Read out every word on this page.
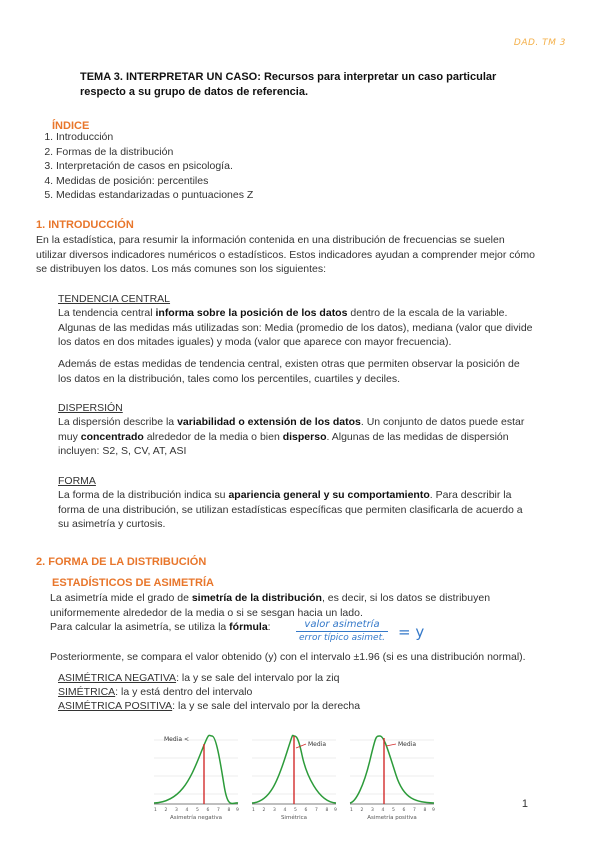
DAD. TM 3
TEMA 3. INTERPRETAR UN CASO: Recursos para interpretar un caso particular respecto a su grupo de datos de referencia.
ÍNDICE
1. Introducción
2. Formas de la distribución
3. Interpretación de casos en psicología.
4. Medidas de posición: percentiles
5. Medidas estandarizadas o puntuaciones Z
1. INTRODUCCIÓN
En la estadística, para resumir la información contenida en una distribución de frecuencias se suelen utilizar diversos indicadores numéricos o estadísticos. Estos indicadores ayudan a comprender mejor cómo se distribuyen los datos. Los más comunes son los siguientes:
TENDENCIA CENTRAL
La tendencia central informa sobre la posición de los datos dentro de la escala de la variable. Algunas de las medidas más utilizadas son: Media (promedio de los datos), mediana (valor que divide los datos en dos mitades iguales) y moda (valor que aparece con mayor frecuencia).
Además de estas medidas de tendencia central, existen otras que permiten observar la posición de los datos en la distribución, tales como los percentiles, cuartiles y deciles.
DISPERSIÓN
La dispersión describe la variabilidad o extensión de los datos. Un conjunto de datos puede estar muy concentrado alrededor de la media o bien disperso. Algunas de las medidas de dispersión incluyen: S2, S, CV, AT, ASI
FORMA
La forma de la distribución indica su apariencia general y su comportamiento. Para describir la forma de una distribución, se utilizan estadísticas específicas que permiten clasificarla de acuerdo a su asimetría y curtosis.
2. FORMA DE LA DISTRIBUCIÓN
ESTADÍSTICOS DE ASIMETRÍA
La asimetría mide el grado de simetría de la distribución, es decir, si los datos se distribuyen uniformemente alrededor de la media o si se sesgan hacia un lado.
Para calcular la asimetría, se utiliza la fórmula:	valor asimetría
error típico asimet. = y
Posteriormente, se compara el valor obtenido (y) con el intervalo ±1.96 (si es una distribución normal).
ASIMÉTRICA NEGATIVA: la y se sale del intervalo por la ziq
SIMÉTRICA: la y está dentro del intervalo
ASIMÉTRICA POSITIVA: la y se sale del intervalo por la derecha
Media <
1 2 3 4 5 6 7 8 9
Asimetría negativa
Media
1 2 3 4 5 6 7 8 9
Simétrica
Media
1 2 3 4 5 6 7 8 9
Asimetría positiva
1
